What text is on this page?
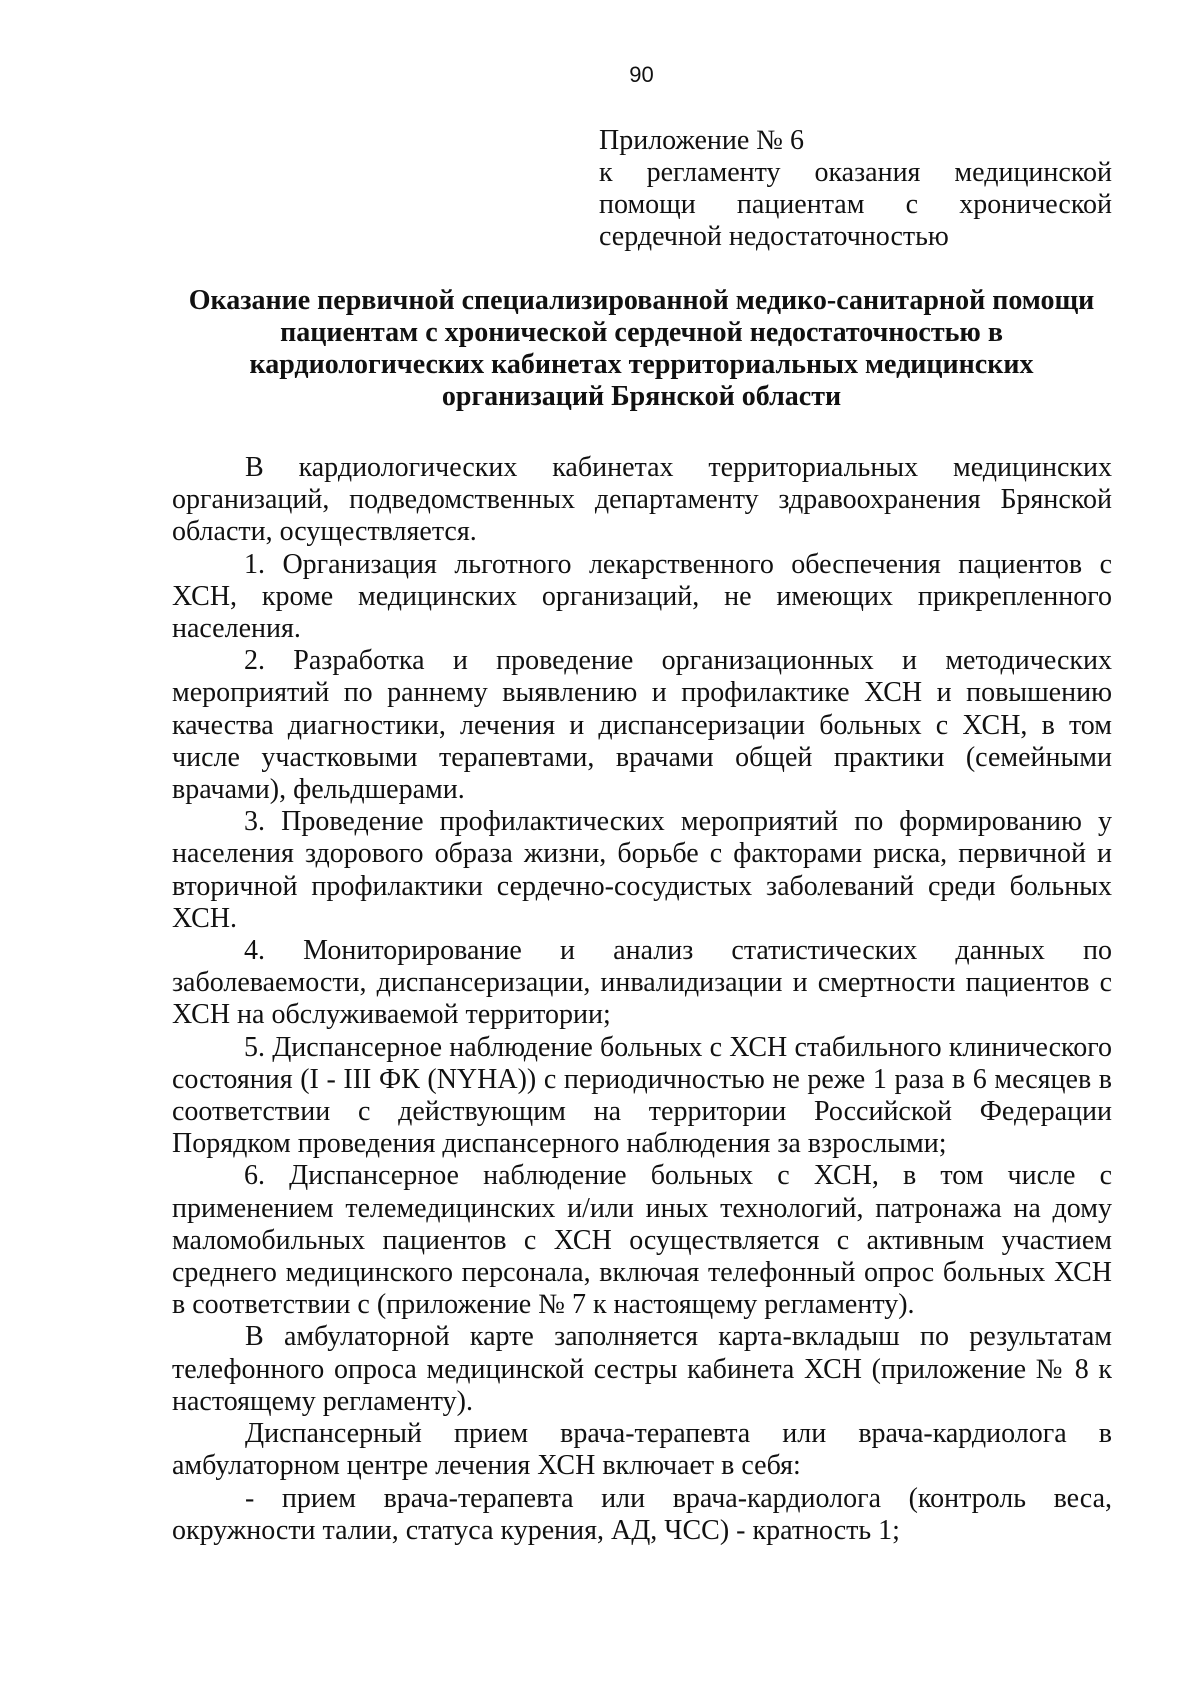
90
Приложение № 6
к регламенту оказания медицинской
помощи пациентам с хронической
сердечной недостаточностью
Оказание первичной специализированной медико-санитарной помощи
пациентам с хронической сердечной недостаточностью в
кардиологических кабинетах территориальных медицинских
организаций Брянской области

В кардиологических кабинетах территориальных медицинских организаций, подведомственных департаменту здравоохранения Брянской области, осуществляется.

1. Организация льготного лекарственного обеспечения пациентов с ХСН, кроме медицинских организаций, не имеющих прикрепленного населения.

2. Разработка и проведение организационных и методических мероприятий по раннему выявлению и профилактике ХСН и повышению качества диагностики, лечения и диспансеризации больных с ХСН, в том числе участковыми терапевтами, врачами общей практики (семейными врачами), фельдшерами.

3. Проведение профилактических мероприятий по формированию у населения здорового образа жизни, борьбе с факторами риска, первичной и вторичной профилактики сердечно-сосудистых заболеваний среди больных ХСН.

4. Мониторирование и анализ статистических данных по заболеваемости, диспансеризации, инвалидизации и смертности пациентов с ХСН на обслуживаемой территории;

5. Диспансерное наблюдение больных с ХСН стабильного клинического состояния (I - III ФК (NYHA)) с периодичностью не реже 1 раза в 6 месяцев в соответствии с действующим на территории Российской Федерации Порядком проведения диспансерного наблюдения за взрослыми;

6. Диспансерное наблюдение больных с ХСН, в том числе с применением телемедицинских и/или иных технологий, патронажа на дому маломобильных пациентов с ХСН осуществляется с активным участием среднего медицинского персонала, включая телефонный опрос больных ХСН в соответствии с (приложение № 7 к настоящему регламенту).

В амбулаторной карте заполняется карта-вкладыш по результатам телефонного опроса медицинской сестры кабинета ХСН (приложение № 8 к настоящему регламенту).

Диспансерный прием врача-терапевта или врача-кардиолога в амбулаторном центре лечения ХСН включает в себя:

- прием врача-терапевта или врача-кардиолога (контроль веса, окружности талии, статуса курения, АД, ЧСС) - кратность 1;
